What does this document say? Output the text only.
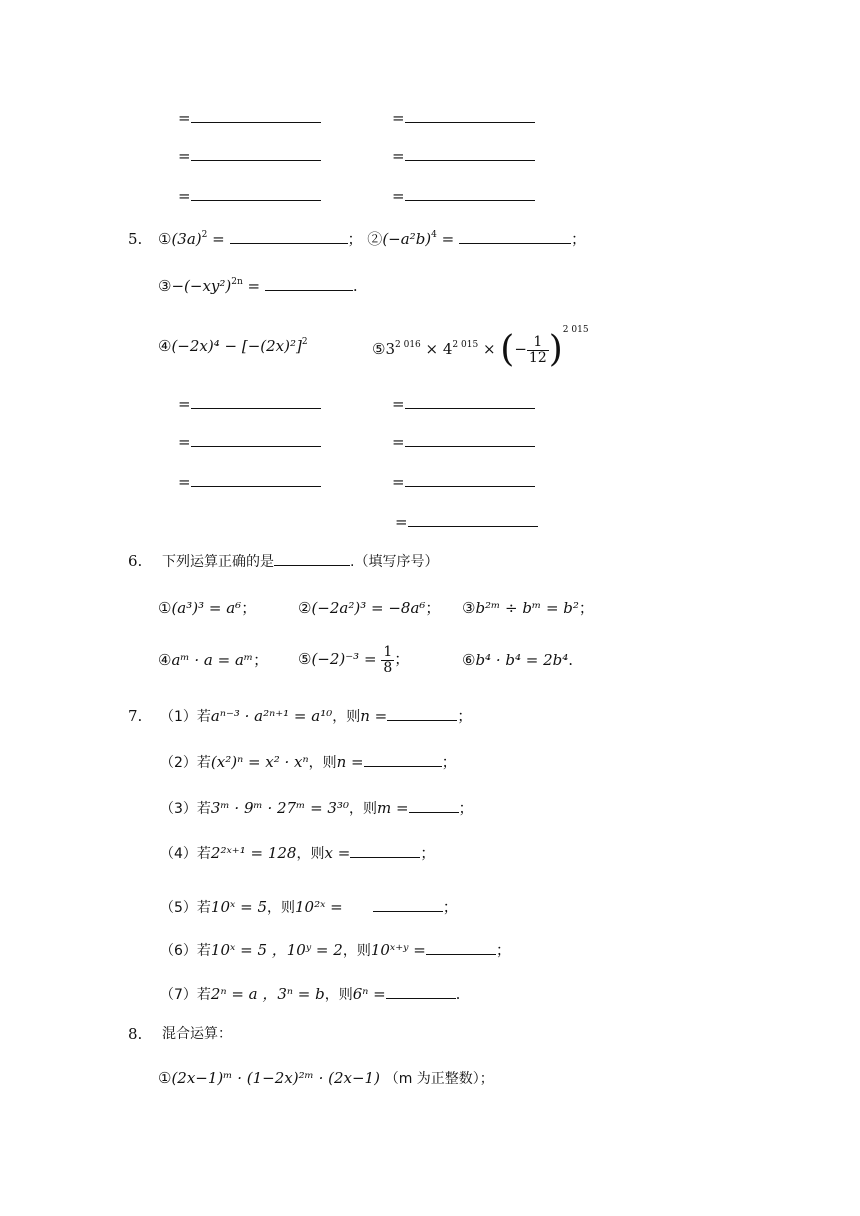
=	=
=	=
=	=
5. $①(3a)^2$ =	； $②(-a^2b)^4$ =	；
$③-(-xy^2)^{2n}$ =	.
④(−2x)⁴ − $[-(2x)^2]^2$	$⑤3^{2 016} \times 4^{2 015}$ × (− $\frac{1}{12} )^{2 015}$
=	=
=	=
=	=
=
6. 下列运算正确的是	.（填写序号）
①(a³)³ = a⁶；	②(−2a²)³ = −8a⁶； ③b²ᵐ ÷ bᵐ = b²；
④aᵐ · a = aᵐ； ⑤(−2)⁻³ = $\frac{1}{8}$ ；	⑥b⁴ · b⁴ = 2b⁴.
7. （1）若aⁿ⁻³ · a²ⁿ⁺¹ = a¹⁰，则n =	；
（2）若(x²)ⁿ = x² · xⁿ，则n =	；
（3）若3ᵐ · 9ᵐ · 27ᵐ = 3³⁰，则m =	；
（4）若2²ˣ⁺¹ = 128，则x =	；
（5）若10ˣ = 5，则10²ˣ =	；
（6）若10ˣ = 5 ，10ʸ = 2，则10ˣ⁺ʸ =	；
（7）若2ⁿ = a ，3ⁿ = b，则6ⁿ =	.
8. 混合运算：
①(2x−1)ᵐ · (1−2x)²ᵐ · (2x−1) （m 为正整数）；
